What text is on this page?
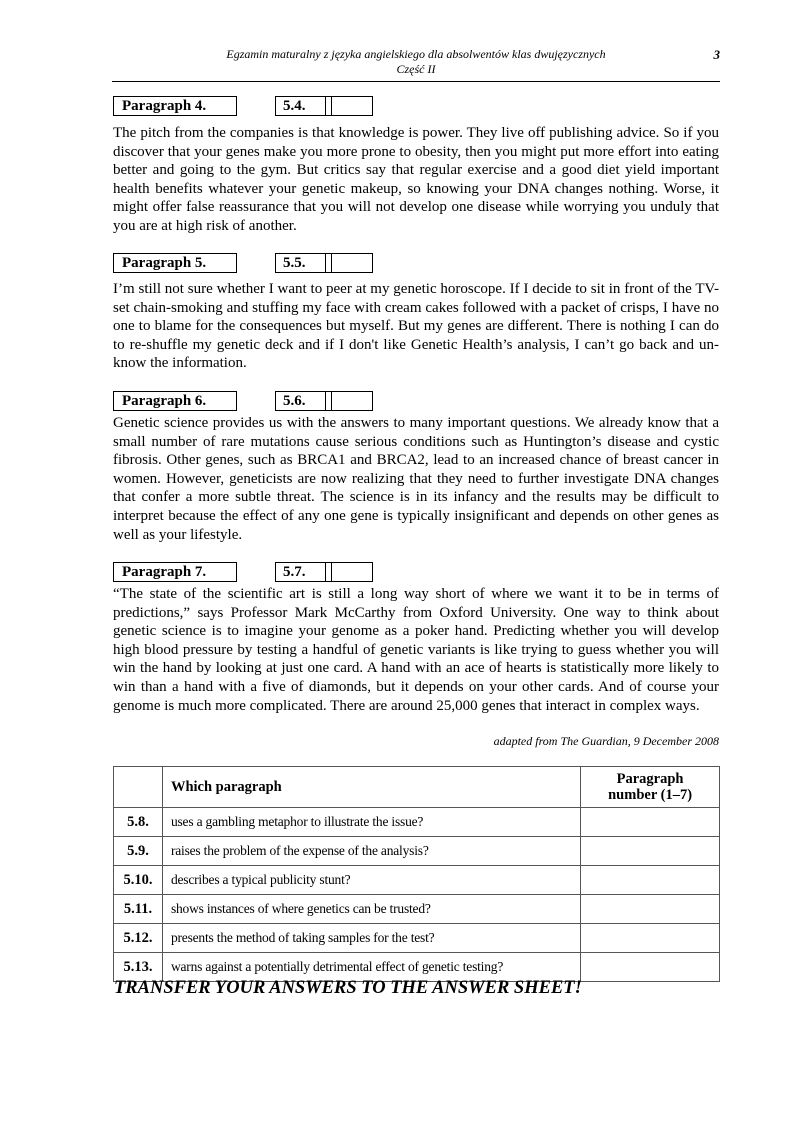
Egzamin maturalny z języka angielskiego dla absolwentów klas dwujęzycznych
Część II
3
Paragraph 4.	5.4.

The pitch from the companies is that knowledge is power. They live off publishing advice. So if you discover that your genes make you more prone to obesity, then you might put more effort into eating better and going to the gym. But critics say that regular exercise and a good diet yield important health benefits whatever your genetic makeup, so knowing your DNA changes nothing. Worse, it might offer false reassurance that you will not develop one disease while worrying you unduly that you are at high risk of another.

Paragraph 5.	5.5.

I’m still not sure whether I want to peer at my genetic horoscope. If I decide to sit in front of the TV-set chain-smoking and stuffing my face with cream cakes followed with a packet of crisps, I have no one to blame for the consequences but myself. But my genes are different. There is nothing I can do to re-shuffle my genetic deck and if I don't like Genetic Health’s analysis, I can’t go back and un-know the information.

Paragraph 6.	5.6.

Genetic science provides us with the answers to many important questions. We already know that a small number of rare mutations cause serious conditions such as Huntington’s disease and cystic fibrosis. Other genes, such as BRCA1 and BRCA2, lead to an increased chance of breast cancer in women. However, geneticists are now realizing that they need to further investigate DNA changes that confer a more subtle threat. The science is in its infancy and the results may be difficult to interpret because the effect of any one gene is typically insignificant and depends on other genes as well as your lifestyle.

Paragraph 7.	5.7.

“The state of the scientific art is still a long way short of where we want it to be in terms of predictions,” says Professor Mark McCarthy from Oxford University. One way to think about genetic science is to imagine your genome as a poker hand. Predicting whether you will develop high blood pressure by testing a handful of genetic variants is like trying to guess whether you will win the hand by looking at just one card. A hand with an ace of hearts is statistically more likely to win than a hand with a five of diamonds, but it depends on your other cards. And of course your genome is much more complicated. There are around 25,000 genes that interact in complex ways.

adapted from The Guardian, 9 December 2008
	Which paragraph	Paragraph
number (1–7)
5.8.	uses a gambling metaphor to illustrate the issue?	
5.9.	raises the problem of the expense of the analysis?	
5.10.	describes a typical publicity stunt?	
5.11.	shows instances of where genetics can be trusted?	
5.12.	presents the method of taking samples for the test?	
5.13.	warns against a potentially detrimental effect of genetic testing?	
TRANSFER YOUR ANSWERS TO THE ANSWER SHEET!
